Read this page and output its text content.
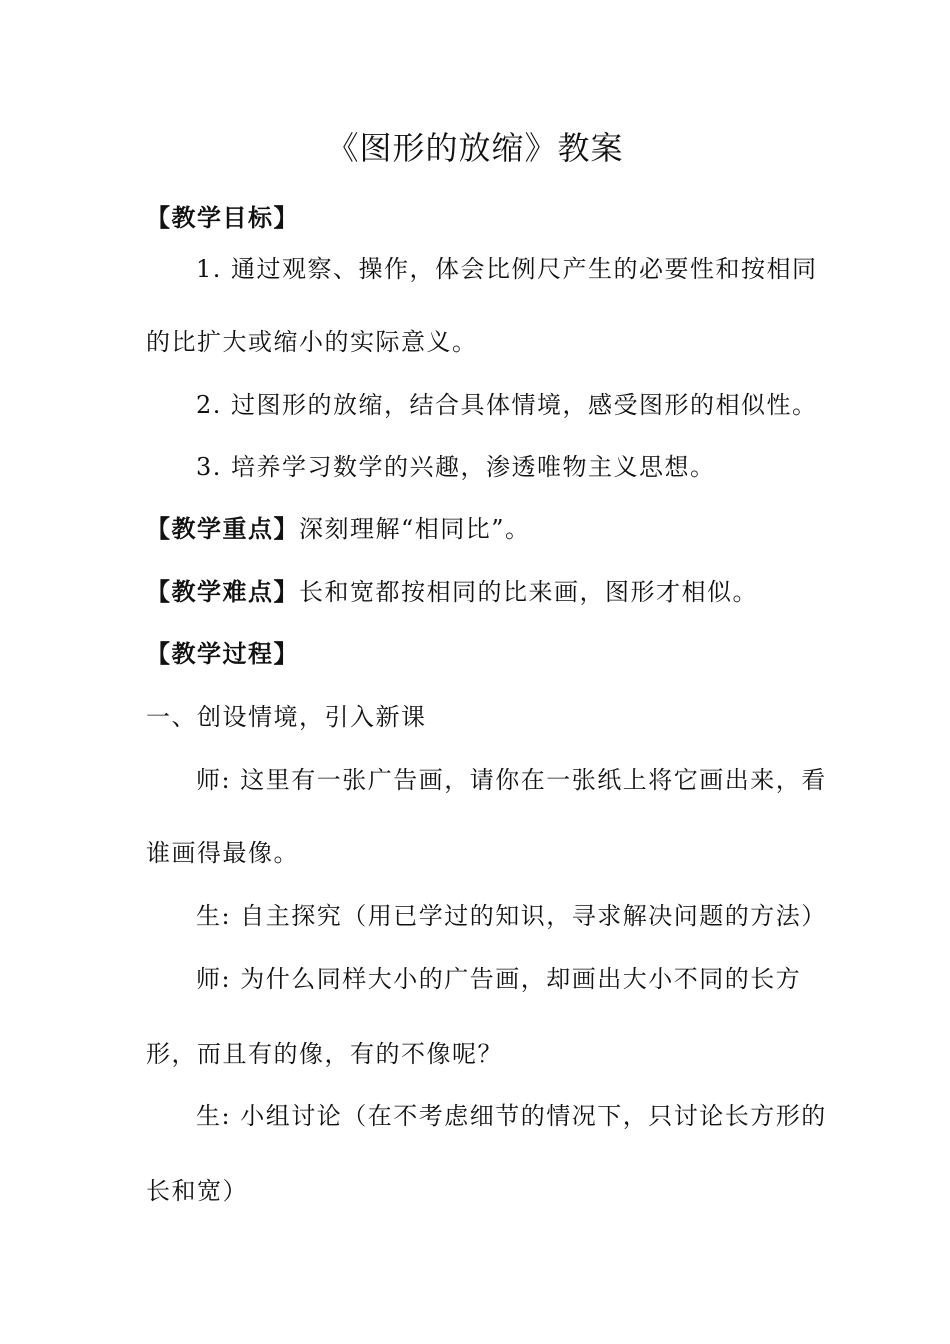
《图形的放缩》教案
【教学目标】
1. 通过观察、操作，体会比例尺产生的必要性和按相同
的比扩大或缩小的实际意义。
2. 过图形的放缩，结合具体情境，感受图形的相似性。
3. 培养学习数学的兴趣，渗透唯物主义思想。
【教学重点】深刻理解“相同比”。
【教学难点】长和宽都按相同的比来画，图形才相似。
【教学过程】
一、创设情境，引入新课
师: 这里有一张广告画，请你在一张纸上将它画出来，看
谁画得最像。
生: 自主探究（用已学过的知识，寻求解决问题的方法）
师: 为什么同样大小的广告画，却画出大小不同的长方
形，而且有的像，有的不像呢？
生: 小组讨论（在不考虑细节的情况下，只讨论长方形的
长和宽）
